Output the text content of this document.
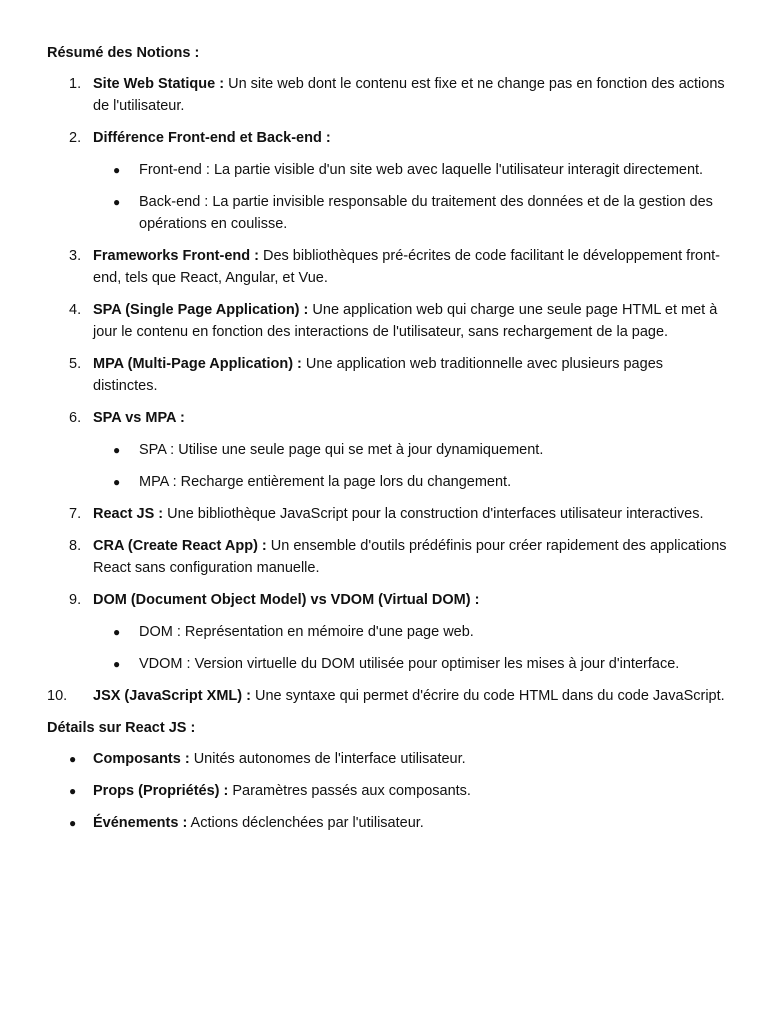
Résumé des Notions :
1. Site Web Statique : Un site web dont le contenu est fixe et ne change pas en fonction des actions de l'utilisateur.
2. Différence Front-end et Back-end :
● Front-end : La partie visible d'un site web avec laquelle l'utilisateur interagit directement.
● Back-end : La partie invisible responsable du traitement des données et de la gestion des opérations en coulisse.
3. Frameworks Front-end : Des bibliothèques pré-écrites de code facilitant le développement front-end, tels que React, Angular, et Vue.
4. SPA (Single Page Application) : Une application web qui charge une seule page HTML et met à jour le contenu en fonction des interactions de l'utilisateur, sans rechargement de la page.
5. MPA (Multi-Page Application) : Une application web traditionnelle avec plusieurs pages distinctes.
6. SPA vs MPA :
● SPA : Utilise une seule page qui se met à jour dynamiquement.
● MPA : Recharge entièrement la page lors du changement.
7. React JS : Une bibliothèque JavaScript pour la construction d'interfaces utilisateur interactives.
8. CRA (Create React App) : Un ensemble d'outils prédéfinis pour créer rapidement des applications React sans configuration manuelle.
9. DOM (Document Object Model) vs VDOM (Virtual DOM) :
● DOM : Représentation en mémoire d'une page web.
● VDOM : Version virtuelle du DOM utilisée pour optimiser les mises à jour d'interface.
10. JSX (JavaScript XML) : Une syntaxe qui permet d'écrire du code HTML dans du code JavaScript.
Détails sur React JS :
● Composants : Unités autonomes de l'interface utilisateur.
● Props (Propriétés) : Paramètres passés aux composants.
● Événements : Actions déclenchées par l'utilisateur.
